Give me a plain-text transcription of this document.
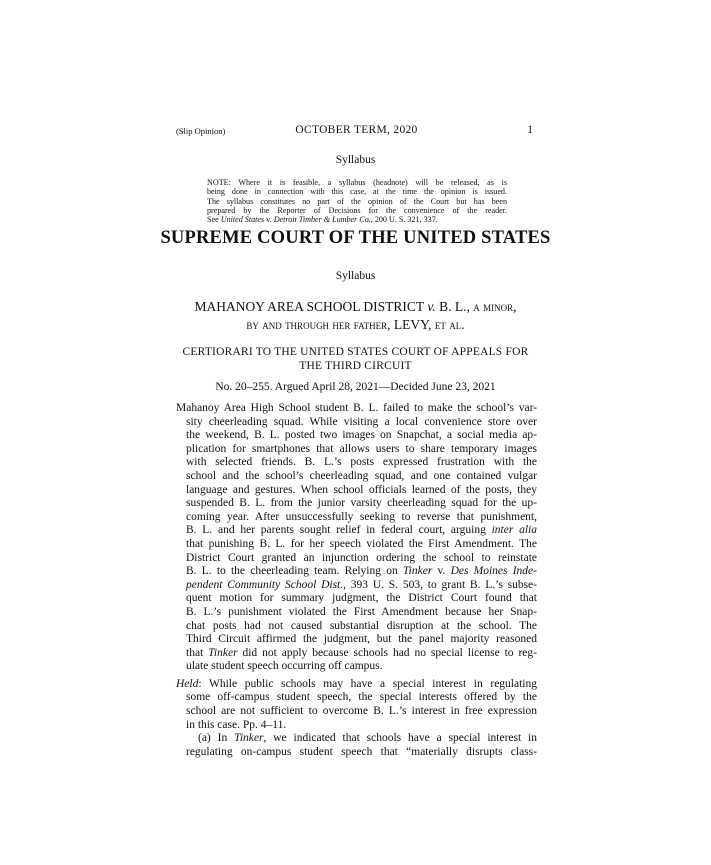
(Slip Opinion)	OCTOBER TERM, 2020	1
Syllabus
NOTE: Where it is feasible, a syllabus (headnote) will be released, as is
being done in connection with this case, at the time the opinion is issued.
The syllabus constitutes no part of the opinion of the Court but has been
prepared by the Reporter of Decisions for the convenience of the reader.
See United States v. Detroit Timber & Lumber Co., 200 U. S. 321, 337.
SUPREME COURT OF THE UNITED STATES
Syllabus
MAHANOY AREA SCHOOL DISTRICT v. B. L., a minor,
by and through her father, LEVY, et al.
CERTIORARI TO THE UNITED STATES COURT OF APPEALS FOR
THE THIRD CIRCUIT
No. 20–255. Argued April 28, 2021—Decided June 23, 2021
Mahanoy Area High School student B. L. failed to make the school’s var-
sity cheerleading squad. While visiting a local convenience store over
the weekend, B. L. posted two images on Snapchat, a social media ap-
plication for smartphones that allows users to share temporary images
with selected friends. B. L.’s posts expressed frustration with the
school and the school’s cheerleading squad, and one contained vulgar
language and gestures. When school officials learned of the posts, they
suspended B. L. from the junior varsity cheerleading squad for the up-
coming year. After unsuccessfully seeking to reverse that punishment,
B. L. and her parents sought relief in federal court, arguing inter alia
that punishing B. L. for her speech violated the First Amendment. The
District Court granted an injunction ordering the school to reinstate
B. L. to the cheerleading team. Relying on Tinker v. Des Moines Inde-
pendent Community School Dist., 393 U. S. 503, to grant B. L.’s subse-
quent motion for summary judgment, the District Court found that
B. L.’s punishment violated the First Amendment because her Snap-
chat posts had not caused substantial disruption at the school. The
Third Circuit affirmed the judgment, but the panel majority reasoned
that Tinker did not apply because schools had no special license to reg-
ulate student speech occurring off campus.
Held: While public schools may have a special interest in regulating
some off-campus student speech, the special interests offered by the
school are not sufficient to overcome B. L.’s interest in free expression
in this case. Pp. 4–11.
(a) In Tinker, we indicated that schools have a special interest in
regulating on-campus student speech that “materially disrupts class-
